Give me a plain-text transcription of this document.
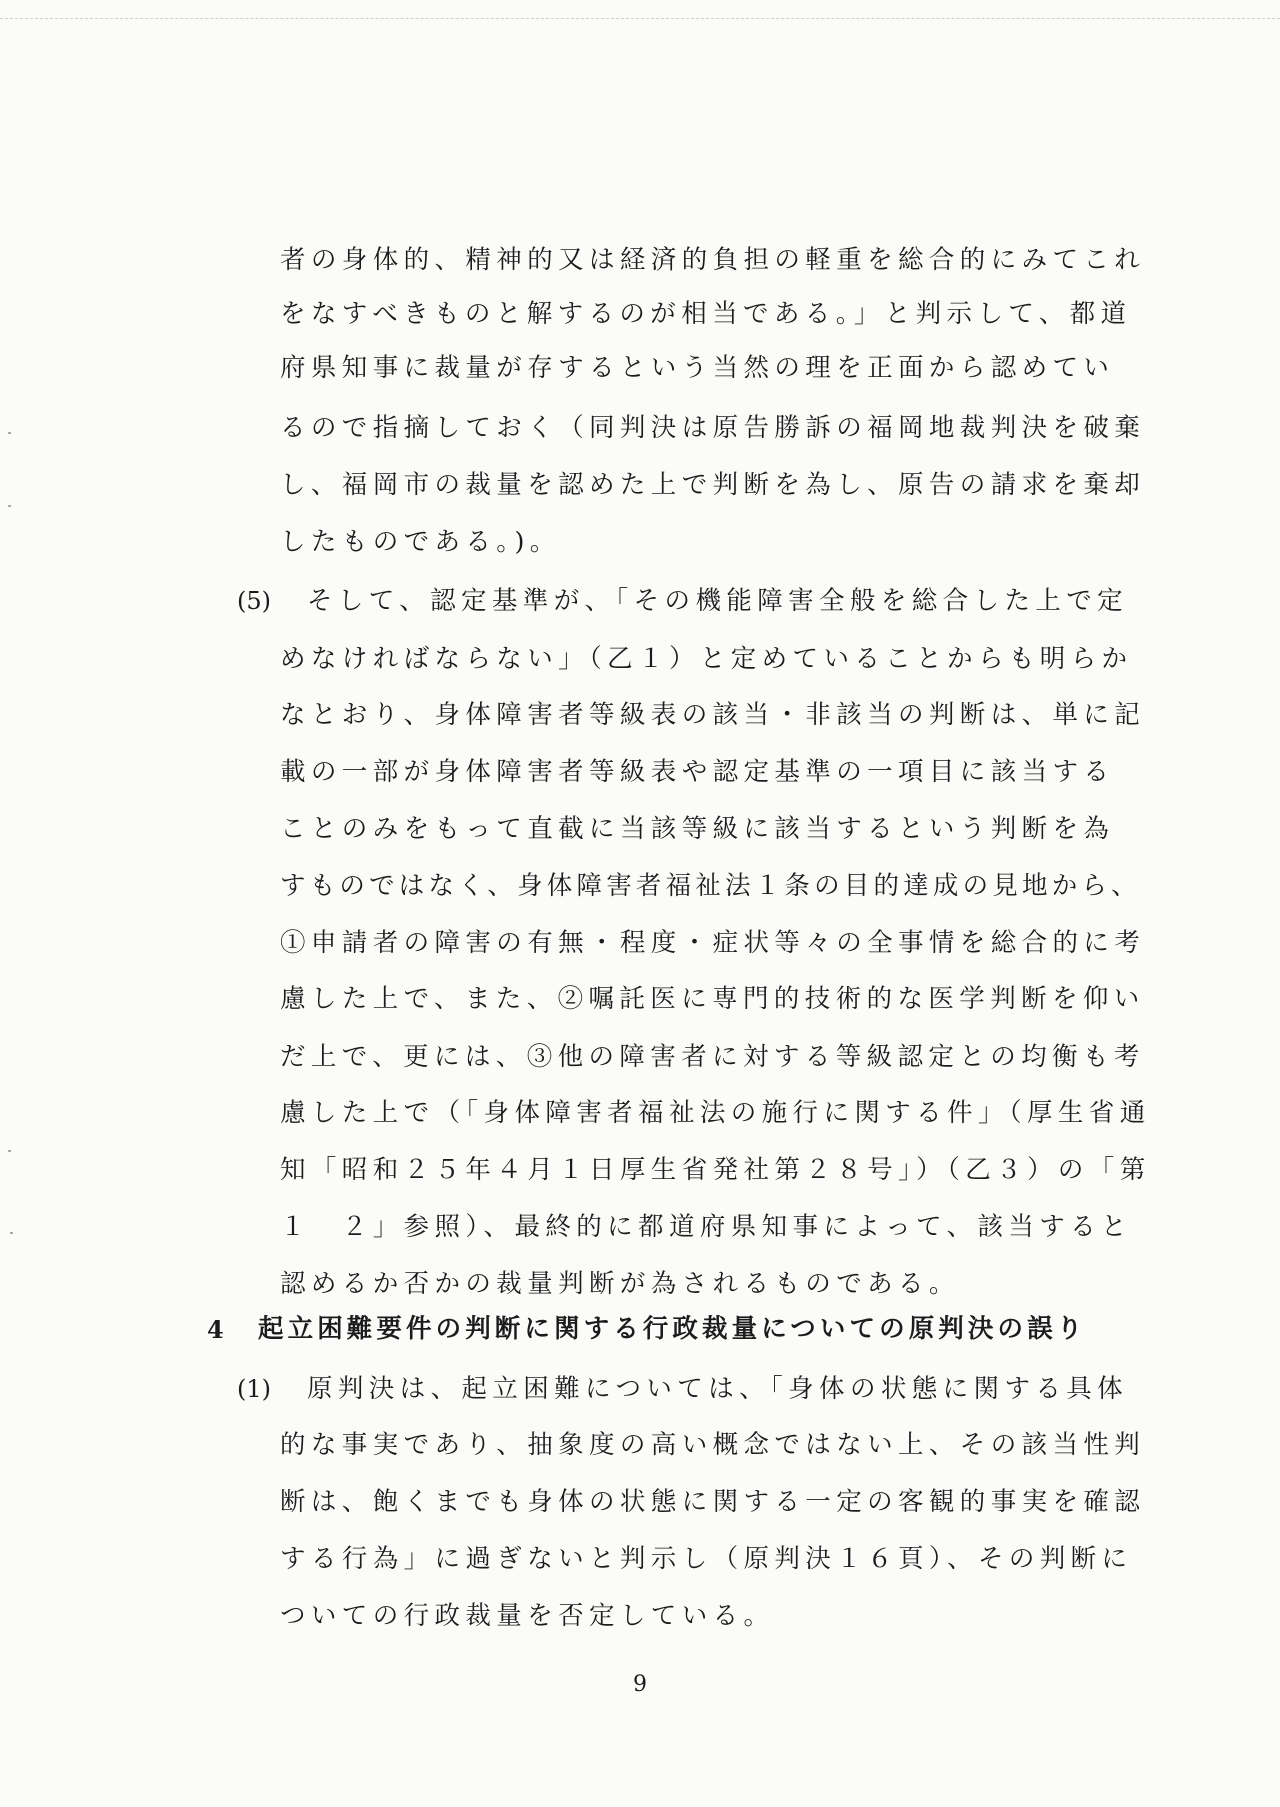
者の身体的、精神的又は経済的負担の軽重を総合的にみてこれ
をなすべきものと解するのが相当である。」と判示して、都道
府県知事に裁量が存するという当然の理を正面から認めてい
るので指摘しておく（同判決は原告勝訴の福岡地裁判決を破棄
し、福岡市の裁量を認めた上で判断を為し、原告の請求を棄却
したものである。)。
(5) そして、認定基準が、「その機能障害全般を総合した上で定
めなければならない」（乙１）と定めていることからも明らか
なとおり、身体障害者等級表の該当・非該当の判断は、単に記
載の一部が身体障害者等級表や認定基準の一項目に該当する
ことのみをもって直截に当該等級に該当するという判断を為
すものではなく、身体障害者福祉法１条の目的達成の見地から、
①申請者の障害の有無・程度・症状等々の全事情を総合的に考
慮した上で、また、②嘱託医に専門的技術的な医学判断を仰い
だ上で、更には、③他の障害者に対する等級認定との均衡も考
慮した上で（「身体障害者福祉法の施行に関する件」（厚生省通
知「昭和２５年４月１日厚生省発社第２８号」）（乙３）の「第
１　２」参照）、最終的に都道府県知事によって、該当すると
認めるか否かの裁量判断が為されるものである。
4 起立困難要件の判断に関する行政裁量についての原判決の誤り
(1) 原判決は、起立困難については、「身体の状態に関する具体
的な事実であり、抽象度の高い概念ではない上、その該当性判
断は、飽くまでも身体の状態に関する一定の客観的事実を確認
する行為」に過ぎないと判示し（原判決１６頁）、その判断に
ついての行政裁量を否定している。
9
